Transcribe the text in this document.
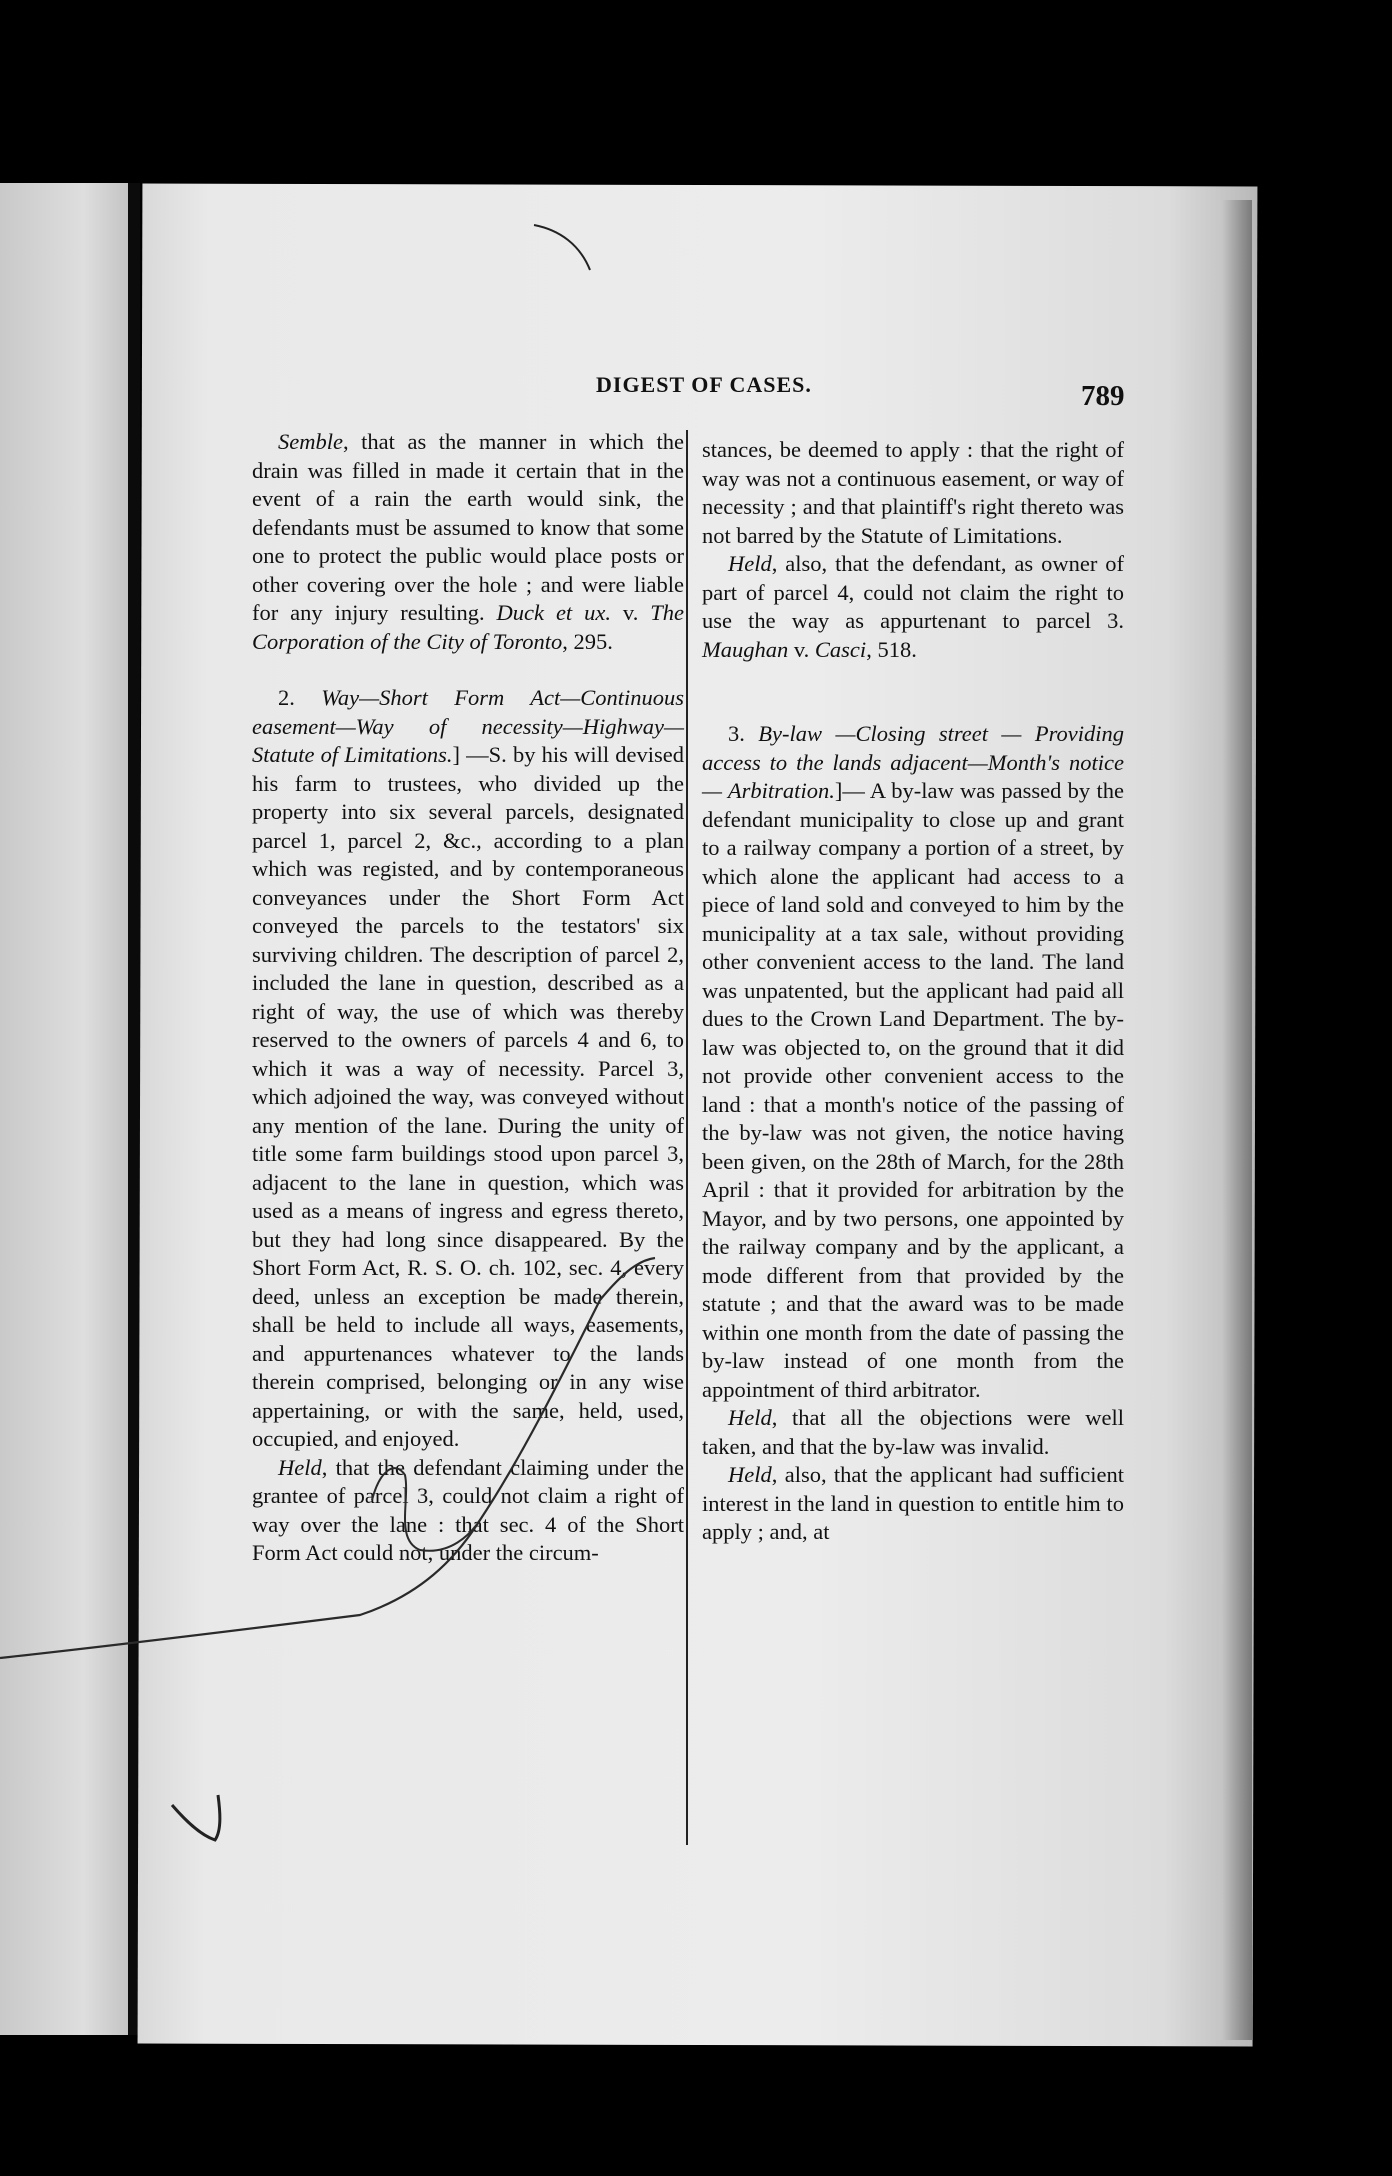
DIGEST OF CASES.	789

Semble, that as the manner in which the drain was filled in made it certain that in the event of a rain the earth would sink, the defendants must be assumed to know that some one to protect the public would place posts or other covering over the hole ; and were liable for any injury resulting. Duck et ux. v. The Corporation of the City of Toronto, 295.

2. Way—Short Form Act—Continuous easement—Way of necessity—Highway—Statute of Limitations.] —S. by his will devised his farm to trustees, who divided up the property into six several parcels, designated parcel 1, parcel 2, &c., according to a plan which was registed, and by contemporaneous conveyances under the Short Form Act conveyed the parcels to the testators' six surviving children. The description of parcel 2, included the lane in question, described as a right of way, the use of which was thereby reserved to the owners of parcels 4 and 6, to which it was a way of necessity. Parcel 3, which adjoined the way, was conveyed without any mention of the lane. During the unity of title some farm buildings stood upon parcel 3, adjacent to the lane in question, which was used as a means of ingress and egress thereto, but they had long since disappeared. By the Short Form Act, R. S. O. ch. 102, sec. 4, every deed, unless an exception be made therein, shall be held to include all ways, easements, and appurtenances whatever to the lands therein comprised, belonging or in any wise appertaining, or with the same, held, used, occupied, and enjoyed.

Held, that the defendant claiming under the grantee of parcel 3, could not claim a right of way over the lane : that sec. 4 of the Short Form Act could not, under the circum-

stances, be deemed to apply : that the right of way was not a continuous easement, or way of necessity ; and that plaintiff's right thereto was not barred by the Statute of Limitations.

Held, also, that the defendant, as owner of part of parcel 4, could not claim the right to use the way as appurtenant to parcel 3. Maughan v. Casci, 518.

3. By-law —Closing street — Providing access to the lands adjacent—Month's notice — Arbitration.]— A by-law was passed by the defendant municipality to close up and grant to a railway company a portion of a street, by which alone the applicant had access to a piece of land sold and conveyed to him by the municipality at a tax sale, without providing other convenient access to the land. The land was unpatented, but the applicant had paid all dues to the Crown Land Department. The by-law was objected to, on the ground that it did not provide other convenient access to the land : that a month's notice of the passing of the by-law was not given, the notice having been given, on the 28th of March, for the 28th April : that it provided for arbitration by the Mayor, and by two persons, one appointed by the railway company and by the applicant, a mode different from that provided by the statute ; and that the award was to be made within one month from the date of passing the by-law instead of one month from the appointment of third arbitrator.

Held, that all the objections were well taken, and that the by-law was invalid.

Held, also, that the applicant had sufficient interest in the land in question to entitle him to apply ; and, at
